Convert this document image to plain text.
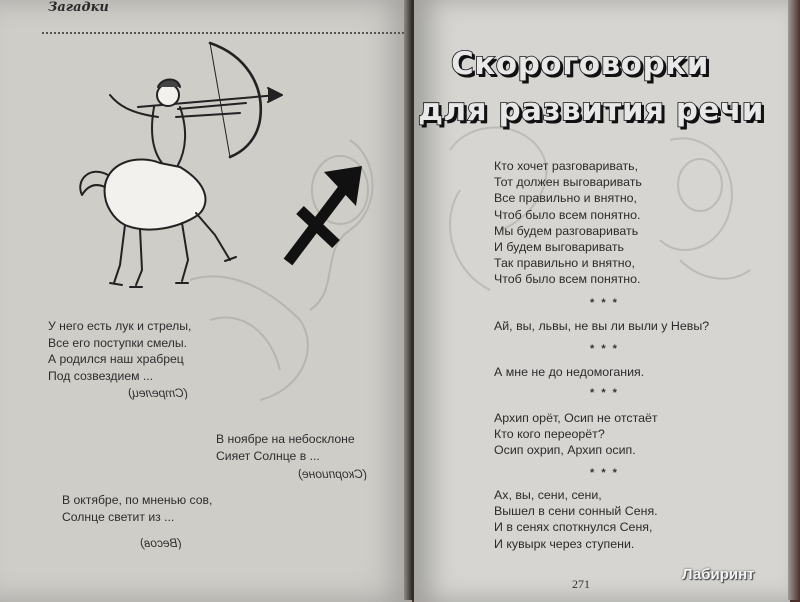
Загадки
У него есть лук и стрелы,
Все его поступки смелы.
А родился наш храбрец
Под созвездием ...
(Стрелец)
В ноябре на небосклоне
Сияет Солнце в ...
(Скорпионе)
В октябре, по мненью сов,
Солнце светит из ...
(Весов)
Скороговорки
для развития речи
Кто хочет разговаривать,
Тот должен выговаривать
Все правильно и внятно,
Чтоб было всем понятно.
Мы будем разговаривать
И будем выговаривать
Так правильно и внятно,
Чтоб было всем понятно.
* * *
Ай, вы, львы, не вы ли выли у Невы?
* * *
А мне не до недомогания.
* * *
Архип орёт, Осип не отстаёт
Кто кого переорёт?
Осип охрип, Архип осип.
* * *
Ах, вы, сени, сени,
Вышел в сени сонный Сеня.
И в сенях споткнулся Сеня,
И кувырк через ступени.
271
Лабиринт
